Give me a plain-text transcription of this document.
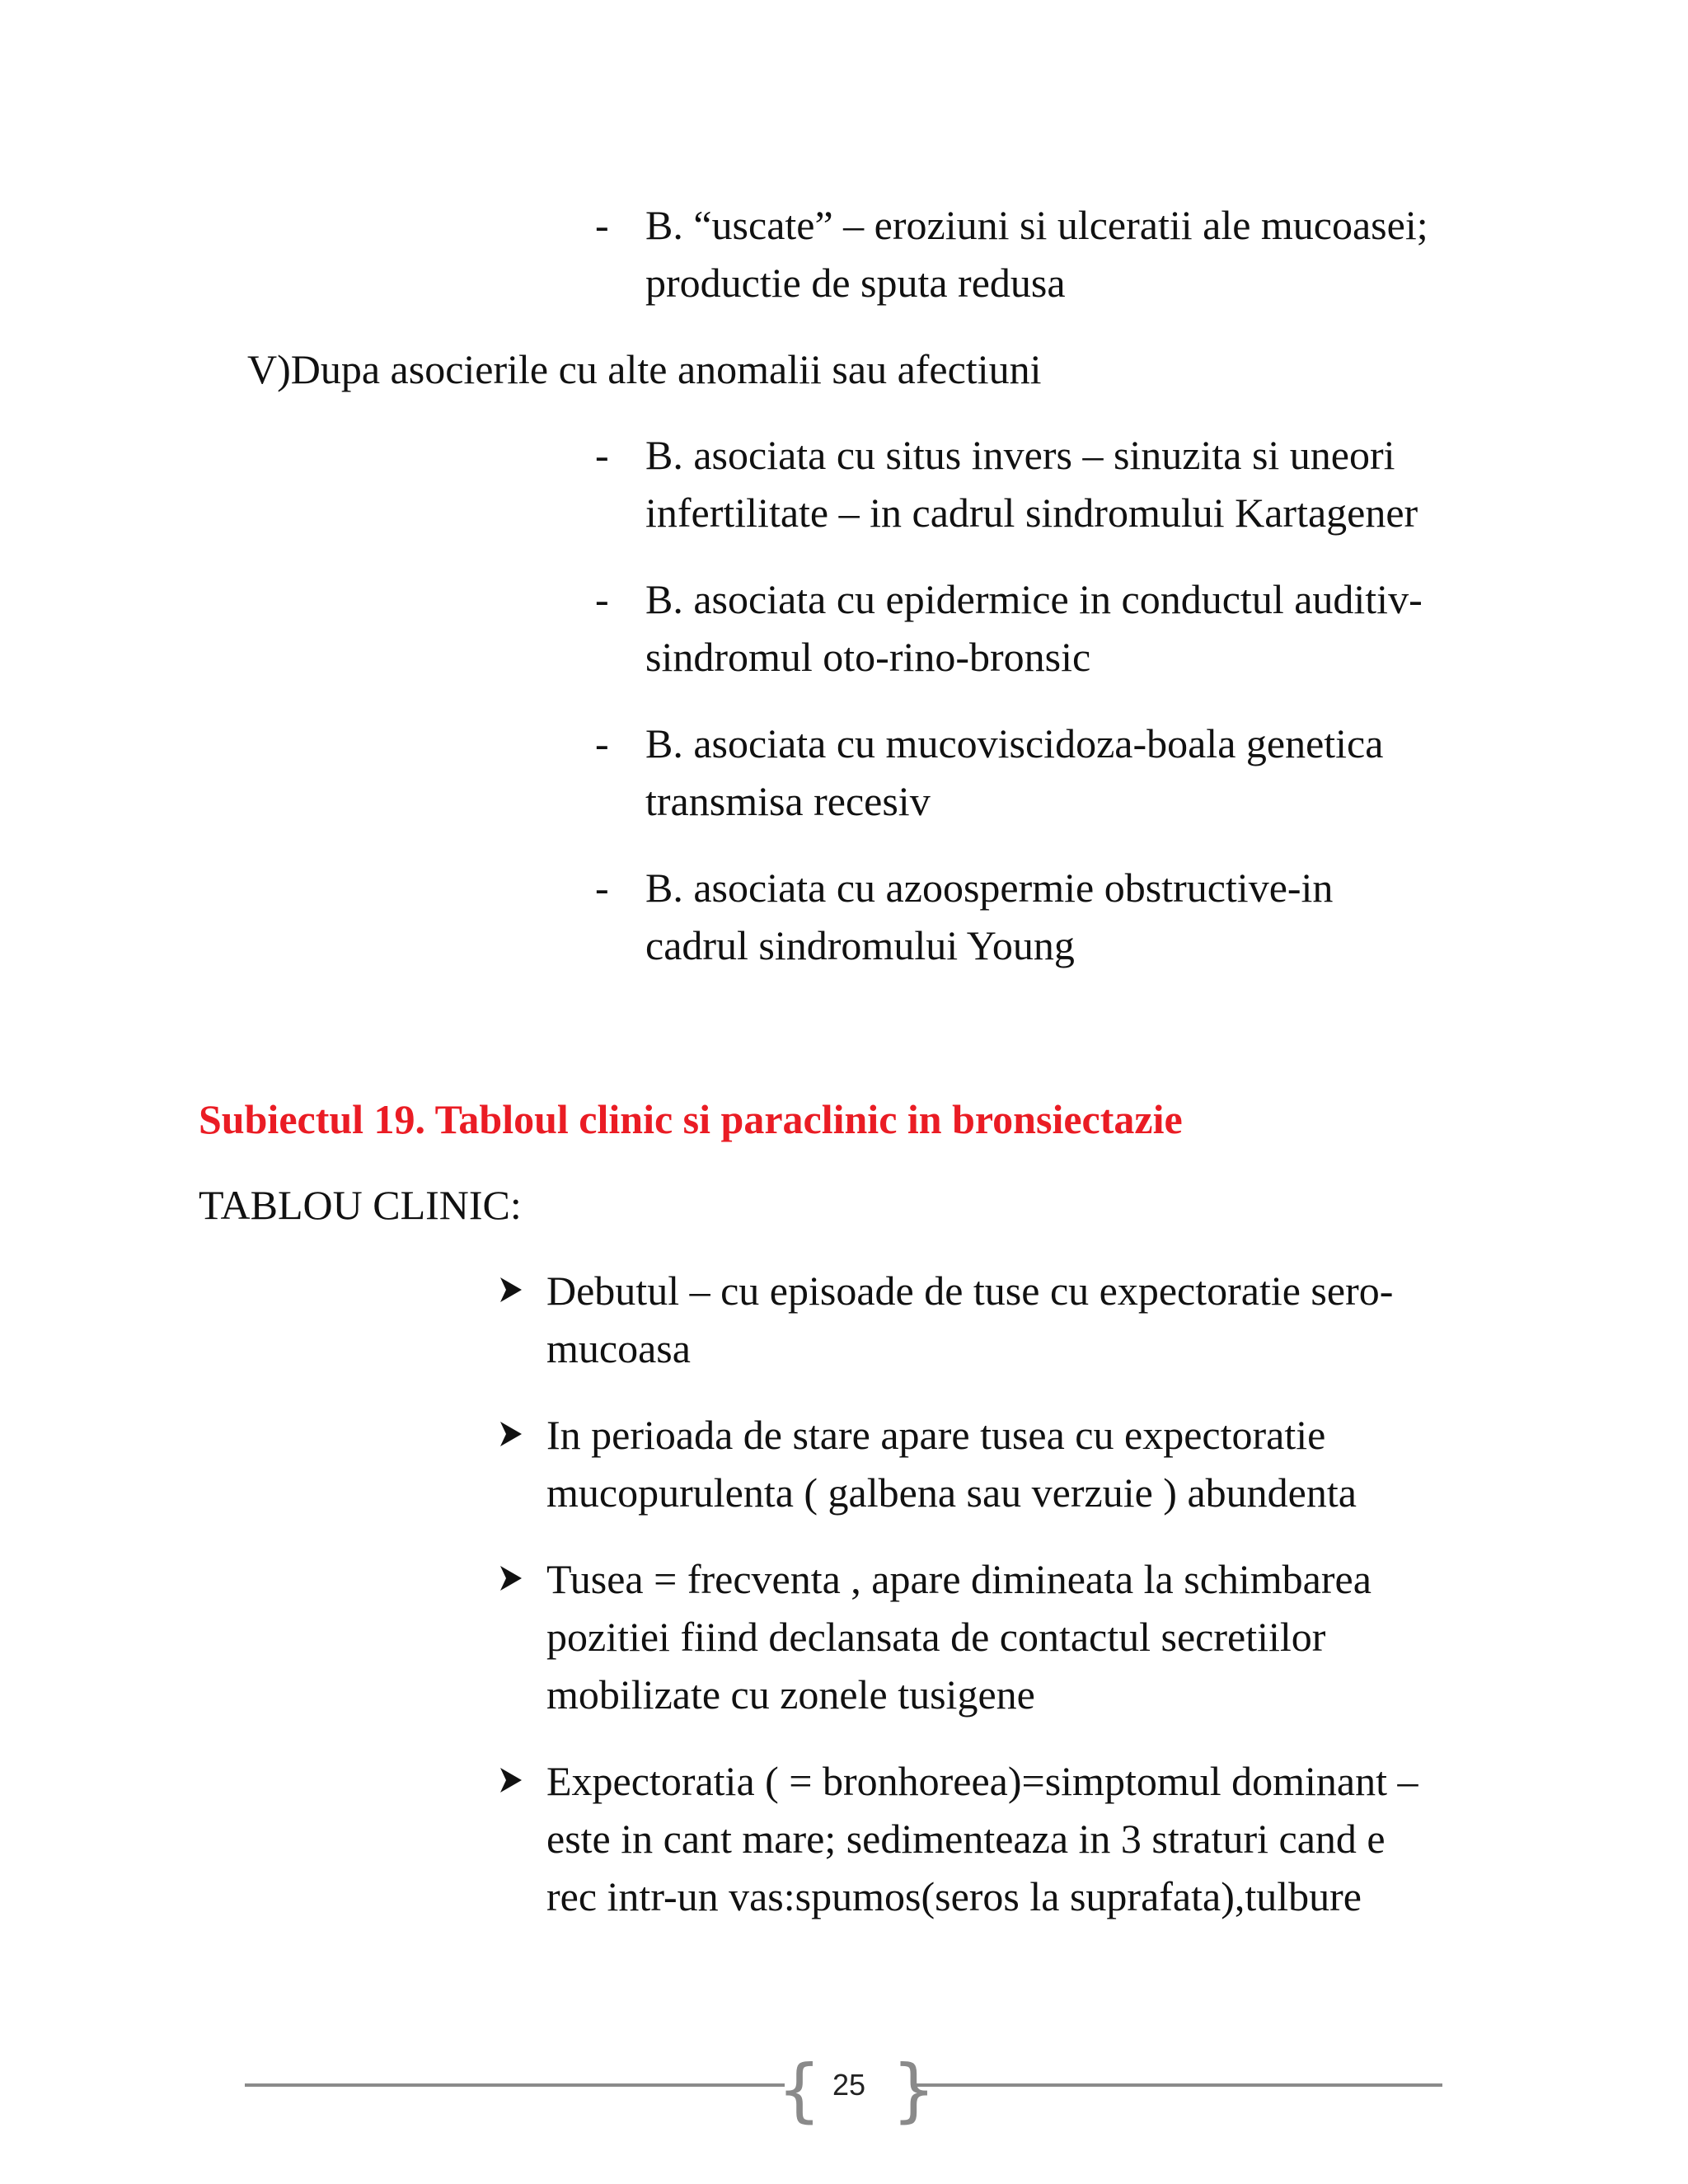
- B. “uscate” – eroziuni si ulceratii ale mucoasei;
productie de sputa redusa
V)Dupa asocierile cu alte anomalii sau afectiuni
- B. asociata cu situs invers – sinuzita si uneori
infertilitate – in cadrul sindromului Kartagener
- B. asociata cu epidermice in conductul auditiv-
sindromul oto-rino-bronsic
- B. asociata cu mucoviscidoza-boala genetica
transmisa recesiv
- B. asociata cu azoospermie obstructive-in
cadrul sindromului Young
Subiectul 19. Tabloul clinic si paraclinic in bronsiectazie
TABLOU CLINIC:
Debutul – cu episoade de tuse cu expectoratie sero-
mucoasa
In perioada de stare apare tusea cu expectoratie
mucopurulenta ( galbena sau verzuie ) abundenta
Tusea = frecventa , apare dimineata la schimbarea
pozitiei fiind declansata de contactul secretiilor
mobilizate cu zonele tusigene
Expectoratia ( = bronhoreea)=simptomul dominant –
este in cant mare; sedimenteaza in 3 straturi cand e
rec intr-un vas:spumos(seros la suprafata),tulbure
{ }
25
